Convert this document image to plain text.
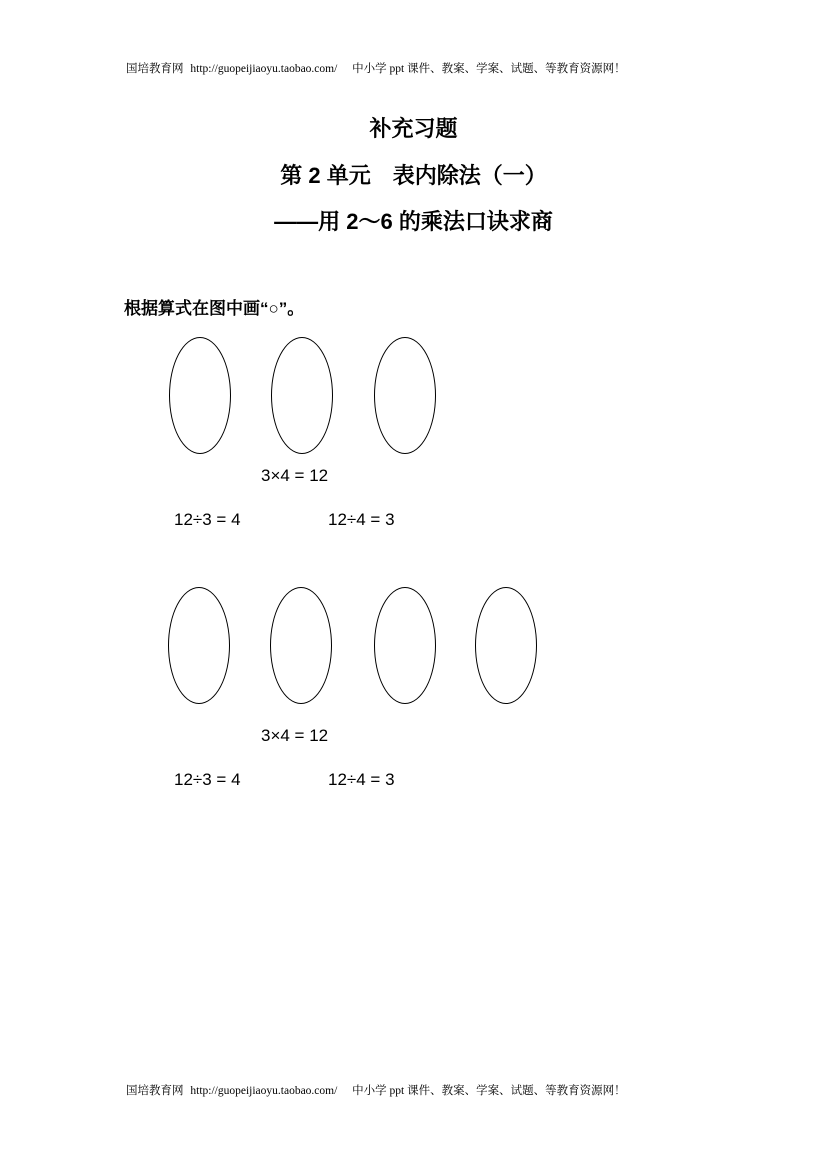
国培教育网 http://guopeijiaoyu.taobao.com/ 中小学 ppt 课件、教案、学案、试题、等教育资源网！
补充习题
第 2 单元　表内除法（一）
——用 2～6 的乘法口诀求商
根据算式在图中画“○”。
3×4 = 12
12÷3 = 4	12÷4 = 3
3×4 = 12
12÷3 = 4	12÷4 = 3
国培教育网 http://guopeijiaoyu.taobao.com/ 中小学 ppt 课件、教案、学案、试题、等教育资源网！
